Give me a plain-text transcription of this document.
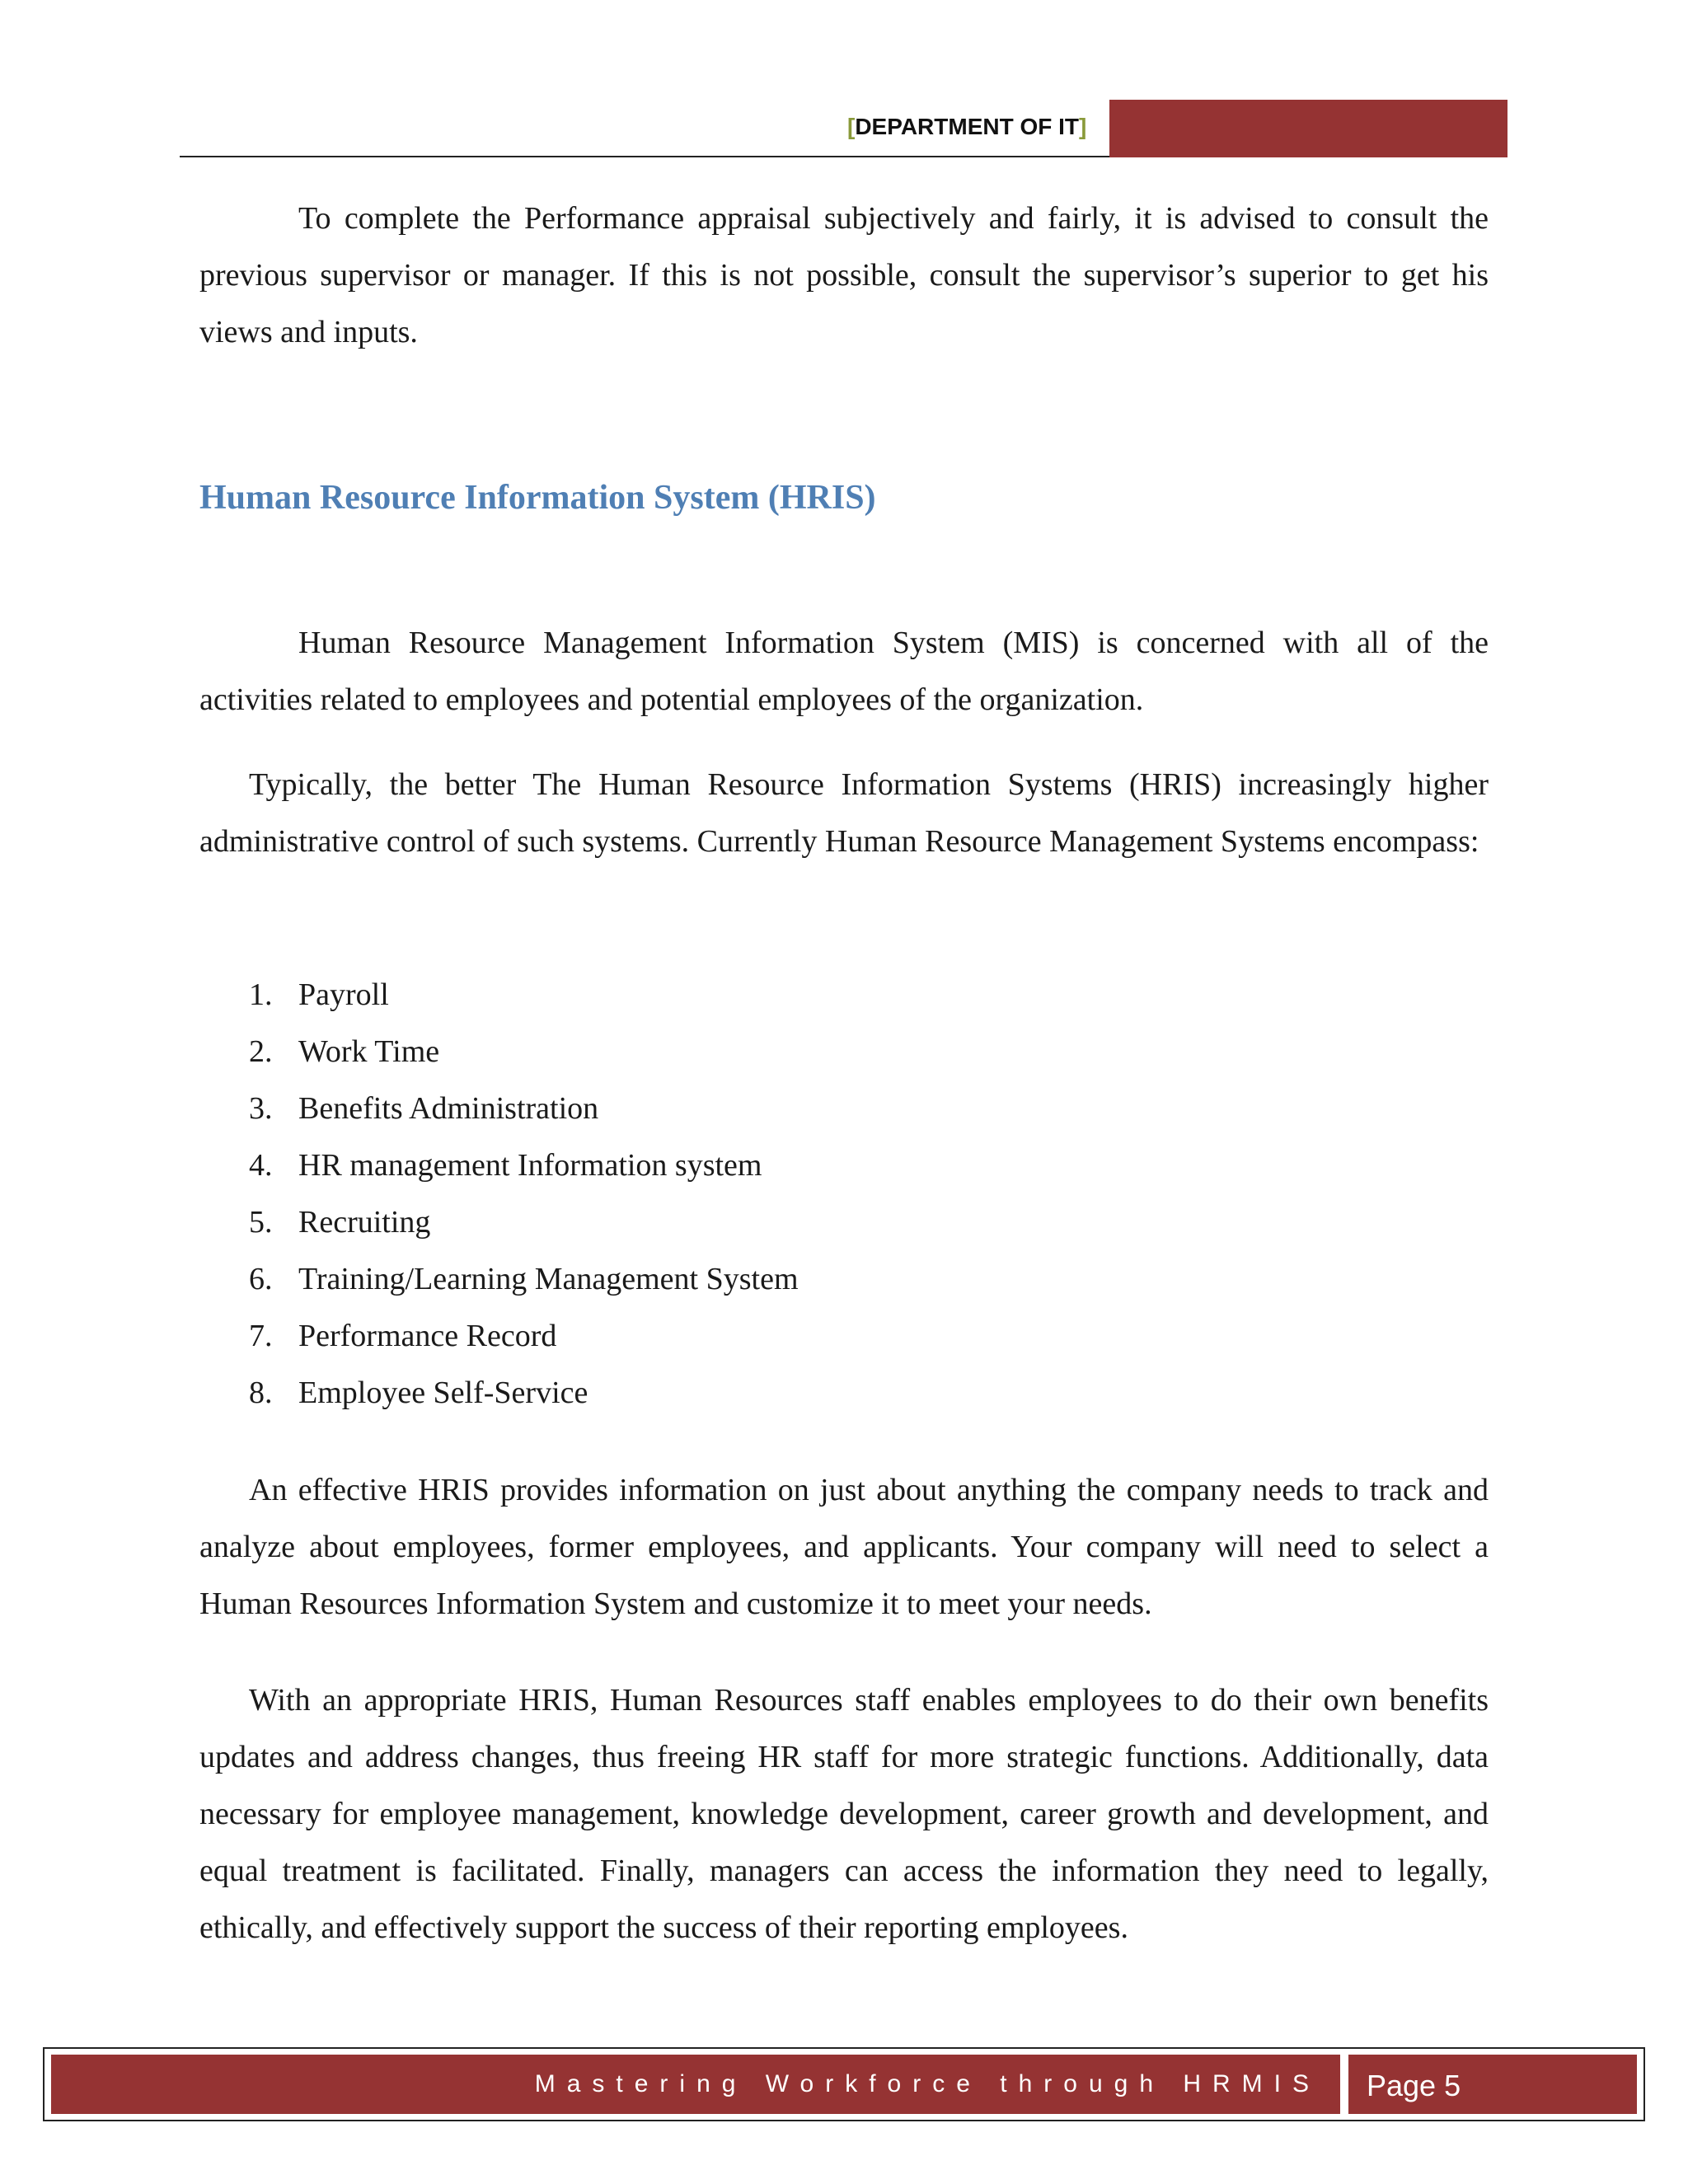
[DEPARTMENT OF IT]

To complete the Performance appraisal subjectively and fairly, it is advised to consult the previous supervisor or manager. If this is not possible, consult the supervisor’s superior to get his views and inputs.

Human Resource Information System (HRIS)

Human Resource Management Information System (MIS) is concerned with all of the activities related to employees and potential employees of the organization.

Typically, the better The Human Resource Information Systems (HRIS) increasingly higher administrative control of such systems. Currently Human Resource Management Systems encompass:

1. Payroll
2. Work Time
3. Benefits Administration
4. HR management Information system
5. Recruiting
6. Training/Learning Management System
7. Performance Record
8. Employee Self-Service

An effective HRIS provides information on just about anything the company needs to track and analyze about employees, former employees, and applicants. Your company will need to select a Human Resources Information System and customize it to meet your needs.

With an appropriate HRIS, Human Resources staff enables employees to do their own benefits updates and address changes, thus freeing HR staff for more strategic functions. Additionally, data necessary for employee management, knowledge development, career growth and development, and equal treatment is facilitated. Finally, managers can access the information they need to legally, ethically, and effectively support the success of their reporting employees.

Mastering Workforce through HRMIS Page 5
